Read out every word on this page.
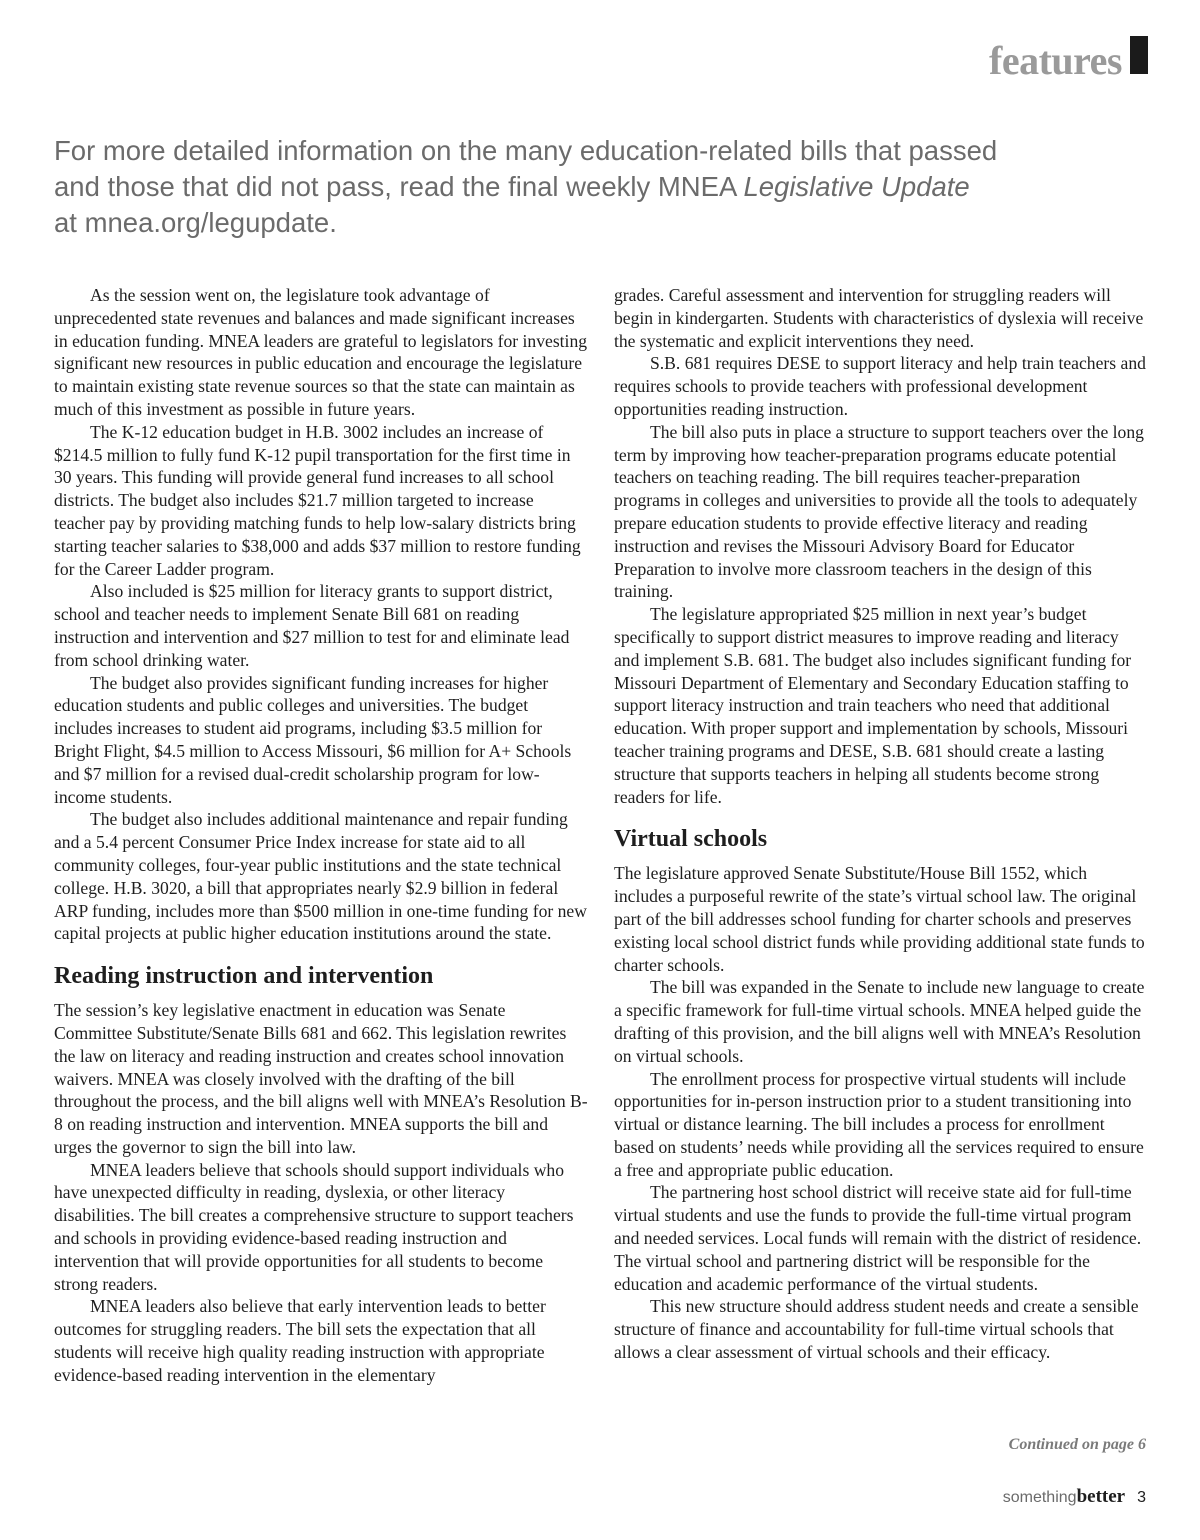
features
For more detailed information on the many education-related bills that passed
and those that did not pass, read the final weekly MNEA Legislative Update
at mnea.org/legupdate.

As the session went on, the legislature took advantage of unprecedented state revenues and balances and made significant increases in education funding. MNEA leaders are grateful to legislators for investing significant new resources in public education and encourage the legislature to maintain existing state revenue sources so that the state can maintain as much of this investment as possible in future years.

The K-12 education budget in H.B. 3002 includes an increase of $214.5 million to fully fund K-12 pupil transportation for the first time in 30 years. This funding will provide general fund increases to all school districts. The budget also includes $21.7 million targeted to increase teacher pay by providing matching funds to help low-salary districts bring starting teacher salaries to $38,000 and adds $37 million to restore funding for the Career Ladder program.

Also included is $25 million for literacy grants to support district, school and teacher needs to implement Senate Bill 681 on reading instruction and intervention and $27 million to test for and eliminate lead from school drinking water.

The budget also provides significant funding increases for higher education students and public colleges and universities. The budget includes increases to student aid programs, including $3.5 million for Bright Flight, $4.5 million to Access Missouri, $6 million for A+ Schools and $7 million for a revised dual-credit scholarship program for low-income students.

The budget also includes additional maintenance and repair funding and a 5.4 percent Consumer Price Index increase for state aid to all community colleges, four-year public institutions and the state technical college. H.B. 3020, a bill that appropriates nearly $2.9 billion in federal ARP funding, includes more than $500 million in one-time funding for new capital projects at public higher education institutions around the state.

Reading instruction and intervention

The session’s key legislative enactment in education was Senate Committee Substitute/Senate Bills 681 and 662. This legislation rewrites the law on literacy and reading instruction and creates school innovation waivers. MNEA was closely involved with the drafting of the bill throughout the process, and the bill aligns well with MNEA’s Resolution B-8 on reading instruction and intervention. MNEA supports the bill and urges the governor to sign the bill into law.

MNEA leaders believe that schools should support individuals who have unexpected difficulty in reading, dyslexia, or other literacy disabilities. The bill creates a comprehensive structure to support teachers and schools in providing evidence-based reading instruction and intervention that will provide opportunities for all students to become strong readers.

MNEA leaders also believe that early intervention leads to better outcomes for struggling readers. The bill sets the expectation that all students will receive high quality reading instruction with appropriate evidence-based reading intervention in the elementary

grades. Careful assessment and intervention for struggling readers will begin in kindergarten. Students with characteristics of dyslexia will receive the systematic and explicit interventions they need.

S.B. 681 requires DESE to support literacy and help train teachers and requires schools to provide teachers with professional development opportunities reading instruction.

The bill also puts in place a structure to support teachers over the long term by improving how teacher-preparation programs educate potential teachers on teaching reading. The bill requires teacher-preparation programs in colleges and universities to provide all the tools to adequately prepare education students to provide effective literacy and reading instruction and revises the Missouri Advisory Board for Educator Preparation to involve more classroom teachers in the design of this training.

The legislature appropriated $25 million in next year’s budget specifically to support district measures to improve reading and literacy and implement S.B. 681. The budget also includes significant funding for Missouri Department of Elementary and Secondary Education staffing to support literacy instruction and train teachers who need that additional education. With proper support and implementation by schools, Missouri teacher training programs and DESE, S.B. 681 should create a lasting structure that supports teachers in helping all students become strong readers for life.

Virtual schools

The legislature approved Senate Substitute/House Bill 1552, which includes a purposeful rewrite of the state’s virtual school law. The original part of the bill addresses school funding for charter schools and preserves existing local school district funds while providing additional state funds to charter schools.

The bill was expanded in the Senate to include new language to create a specific framework for full-time virtual schools. MNEA helped guide the drafting of this provision, and the bill aligns well with MNEA’s Resolution on virtual schools.

The enrollment process for prospective virtual students will include opportunities for in-person instruction prior to a student transitioning into virtual or distance learning. The bill includes a process for enrollment based on students’ needs while providing all the services required to ensure a free and appropriate public education.

The partnering host school district will receive state aid for full-time virtual students and use the funds to provide the full-time virtual program and needed services. Local funds will remain with the district of residence. The virtual school and partnering district will be responsible for the education and academic performance of the virtual students.

This new structure should address student needs and create a sensible structure of finance and accountability for full-time virtual schools that allows a clear assessment of virtual schools and their efficacy.

Continued on page 6
something better 3
